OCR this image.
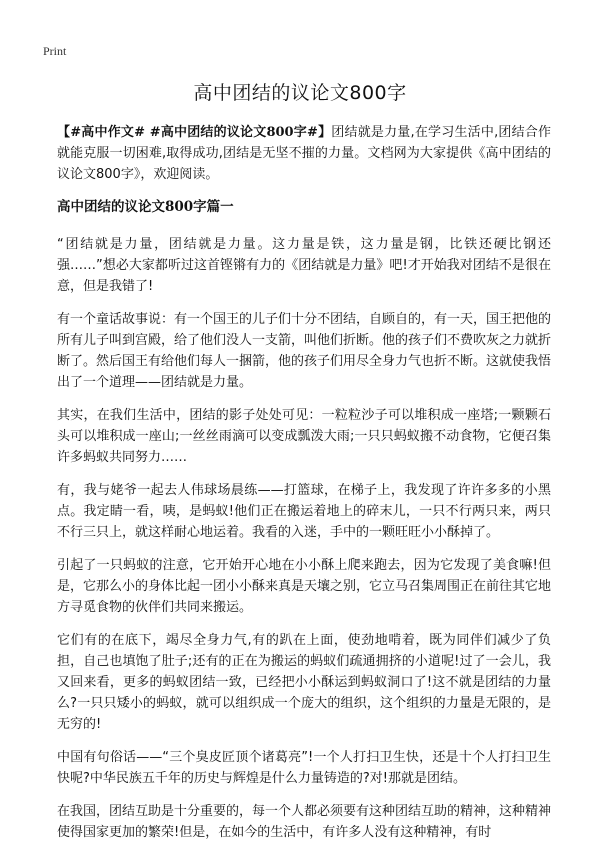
Print
高中团结的议论文800字

【#高中作文# #高中团结的议论文800字#】团结就是力量,在学习生活中,团结合作就能克服一切困难,取得成功,团结是无坚不摧的力量。文档网为大家提供《高中团结的议论文800字》，欢迎阅读。

高中团结的议论文800字篇一

“团结就是力量，团结就是力量。这力量是铁，这力量是钢，比铁还硬比钢还强……”想必大家都听过这首铿锵有力的《团结就是力量》吧!才开始我对团结不是很在意，但是我错了!

有一个童话故事说：有一个国王的儿子们十分不团结，自顾自的，有一天，国王把他的所有儿子叫到宫殿，给了他们没人一支箭，叫他们折断。他的孩子们不费吹灰之力就折断了。然后国王有给他们每人一捆箭，他的孩子们用尽全身力气也折不断。这就使我悟出了一个道理——团结就是力量。

其实，在我们生活中，团结的影子处处可见：一粒粒沙子可以堆积成一座塔;一颗颗石头可以堆积成一座山;一丝丝雨滴可以变成瓢泼大雨;一只只蚂蚁搬不动食物，它便召集许多蚂蚁共同努力……

有，我与姥爷一起去人伟球场晨练——打篮球，在梯子上，我发现了许许多多的小黑点。我定睛一看，咦，是蚂蚁!他们正在搬运着地上的碎末儿，一只不行两只来，两只不行三只上，就这样耐心地运着。我看的入迷，手中的一颗旺旺小小酥掉了。

引起了一只蚂蚁的注意，它开始开心地在小小酥上爬来跑去，因为它发现了美食嘛!但是，它那么小的身体比起一团小小酥来真是天壤之别，它立马召集周围正在前往其它地方寻觅食物的伙伴们共同来搬运。

它们有的在底下，竭尽全身力气,有的趴在上面，使劲地啃着，既为同伴们减少了负担，自己也填饱了肚子;还有的正在为搬运的蚂蚁们疏通拥挤的小道呢!过了一会儿，我又回来看，更多的蚂蚁团结一致，已经把小小酥运到蚂蚁洞口了!这不就是团结的力量么?一只只矮小的蚂蚁，就可以组织成一个庞大的组织，这个组织的力量是无限的，是无穷的!

中国有句俗话——“三个臭皮匠顶个诸葛亮”!一个人打扫卫生快，还是十个人打扫卫生快呢?中华民族五千年的历史与辉煌是什么力量铸造的?对!那就是团结。

在我国，团结互助是十分重要的，每一个人都必须要有这种团结互助的精神，这种精神使得国家更加的繁荣!但是，在如今的生活中，有许多人没有这种精神，有时
